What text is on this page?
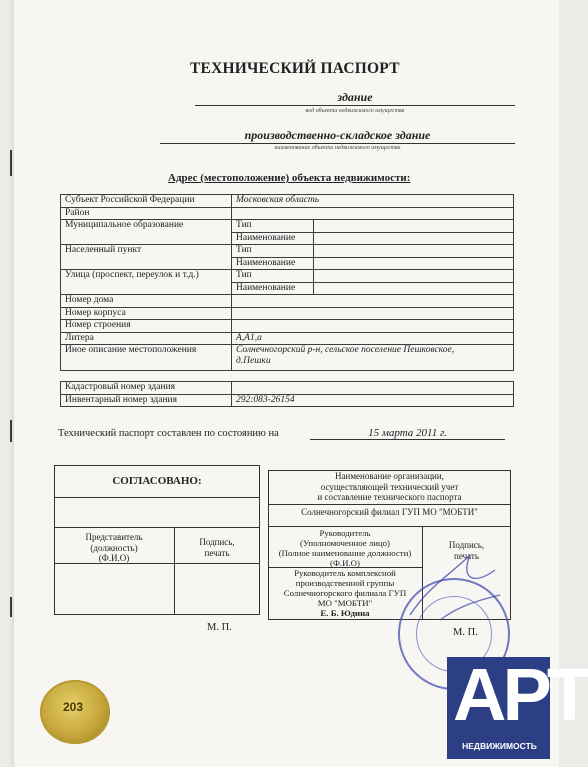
ТЕХНИЧЕСКИЙ ПАСПОРТ
здание
вид объекта недвижимого имущества
производственно-складское здание
наименование объекта недвижимого имущества
Адрес (местоположение) объекта недвижимости:
Субъект Российской Федерации	Московская область	
Район		
Муниципальное образование	Тип	
	Наименование	
Населенный пункт	Тип	
	Наименование	
Улица (проспект, переулок и т.д.)	Тип	
	Наименование	
Номер дома		
Номер корпуса		
Номер строения		
Литера	А,А1,а	
Иное описание местоположения	Солнечногорский р-н, сельское поселение Пешковское,
д.Пешки	
Кадастровый номер здания	
Инвентарный номер здания	292:083-26154
Технический паспорт составлен по состоянию на	15 марта 2011 г.
СОГЛАСОВАНО:
Представитель
(должность)
(Ф.И.О)
Подпись,
печать
М. П.
Наименование организации,
осуществляющей технический учет
и составление технического паспорта
Солнечногорский филиал ГУП МО "МОБТИ"
Руководитель
(Уполномоченное лицо)
(Полное наименование должности)
(Ф.И.О)
Подпись,
печать
Руководитель комплексной
производственной группы
Солнечногорского филиала ГУП
МО "МОБТИ"
Е. Б. Юдина
М. П.
203	АРТ
НЕДВИЖИМОСТЬ
